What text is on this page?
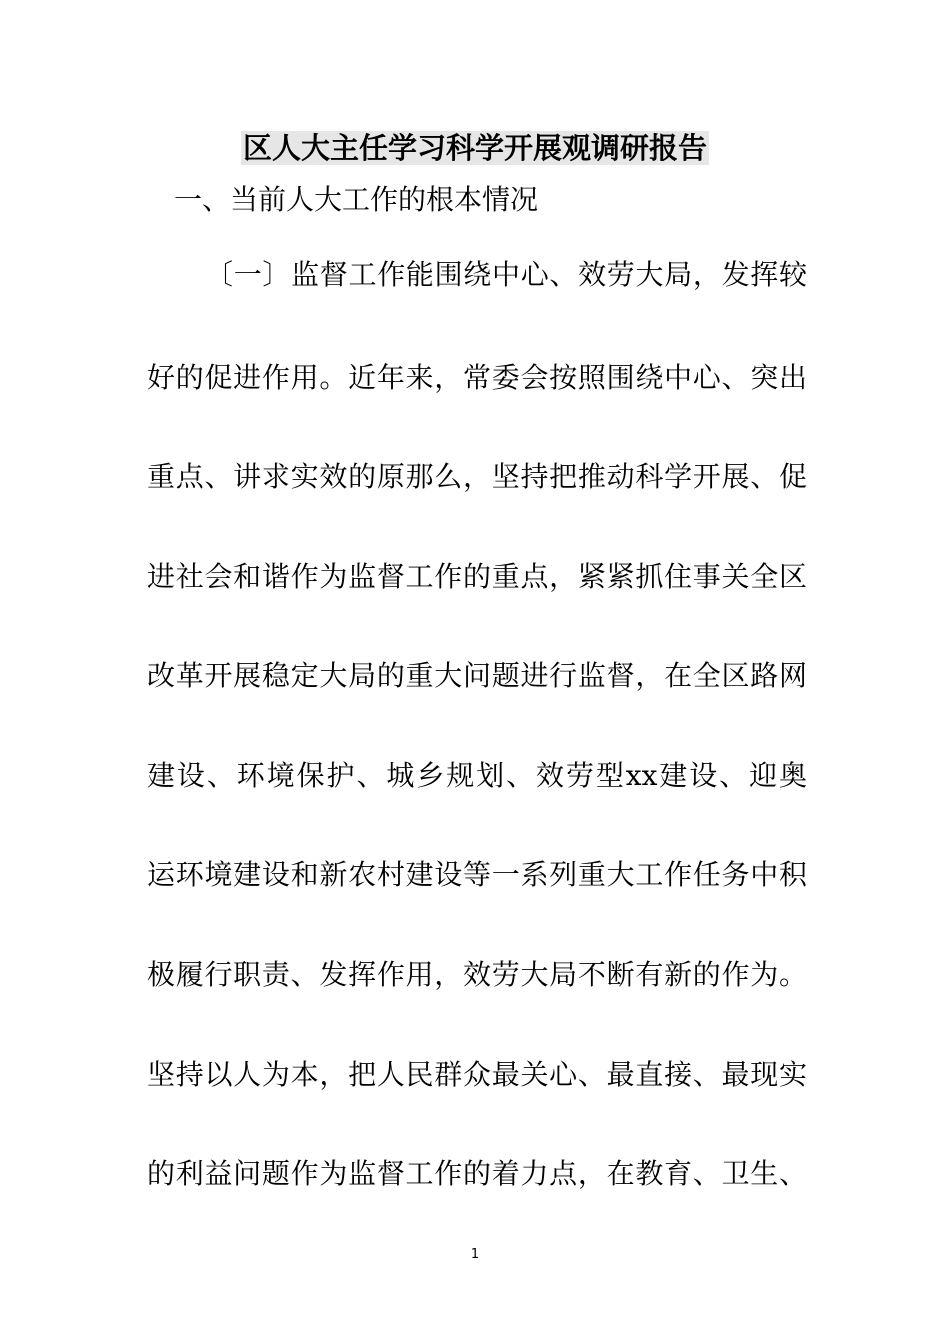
区人大主任学习科学开展观调研报告
一、当前人大工作的根本情况
〔一〕监督工作能围绕中心、效劳大局，发挥较
好的促进作用。近年来，常委会按照围绕中心、突出
重点、讲求实效的原那么，坚持把推动科学开展、促
进社会和谐作为监督工作的重点，紧紧抓住事关全区
改革开展稳定大局的重大问题进行监督，在全区路网
建设、环境保护、城乡规划、效劳型xx建设、迎奥
运环境建设和新农村建设等一系列重大工作任务中积
极履行职责、发挥作用，效劳大局不断有新的作为。
坚持以人为本，把人民群众最关心、最直接、最现实
的利益问题作为监督工作的着力点，在教育、卫生、
1
